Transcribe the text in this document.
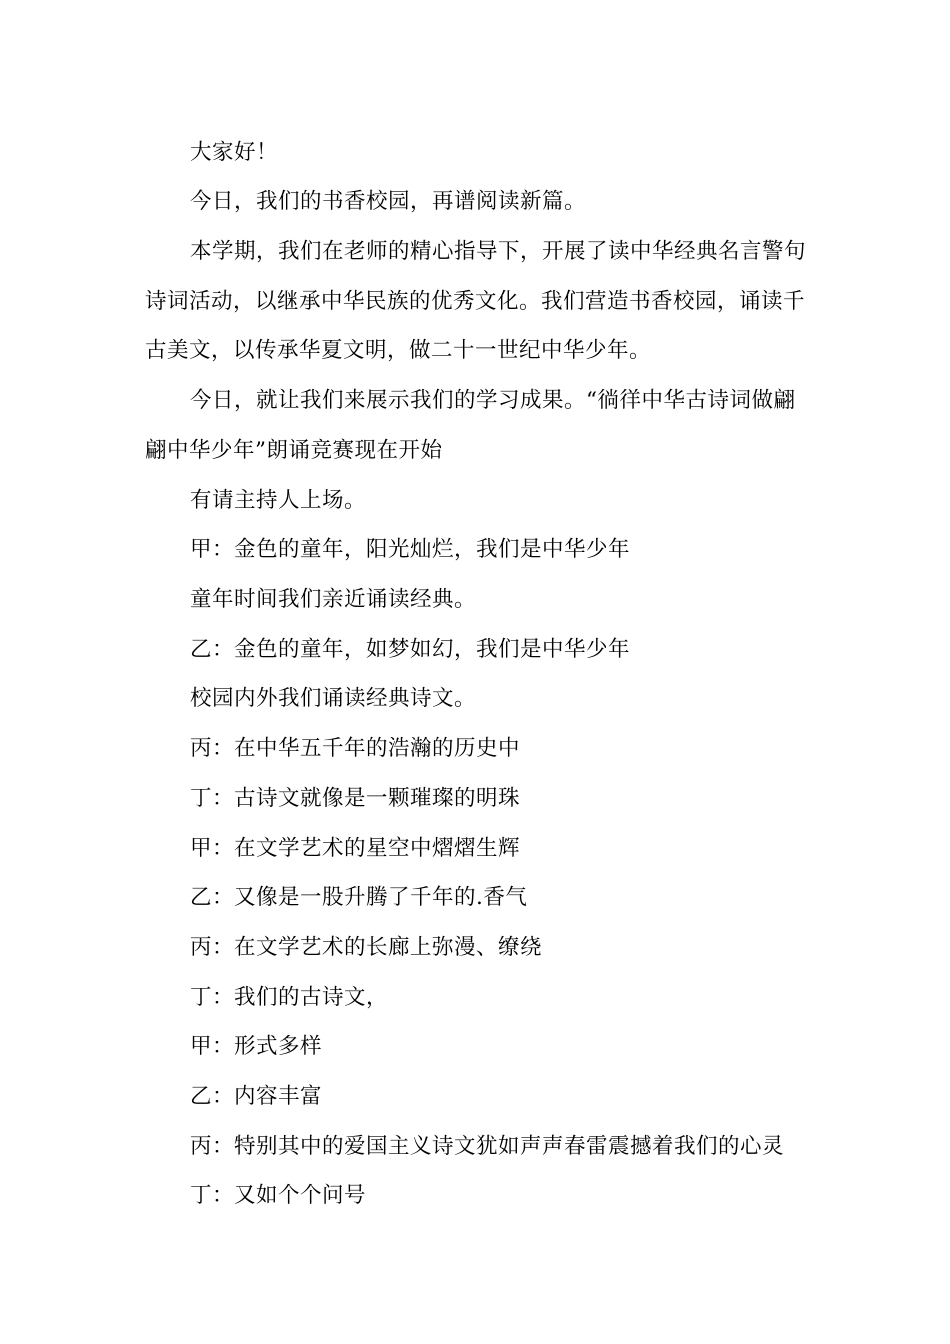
大家好！

今日，我们的书香校园，再谱阅读新篇。

本学期，我们在老师的精心指导下，开展了读中华经典名言警句诗词活动，以继承中华民族的优秀文化。我们营造书香校园，诵读千古美文，以传承华夏文明，做二十一世纪中华少年。

今日，就让我们来展示我们的学习成果。“徜徉中华古诗词做翩翩中华少年”朗诵竞赛现在开始

有请主持人上场。

甲：金色的童年，阳光灿烂，我们是中华少年

童年时间我们亲近诵读经典。

乙：金色的童年，如梦如幻，我们是中华少年

校园内外我们诵读经典诗文。

丙：在中华五千年的浩瀚的历史中

丁：古诗文就像是一颗璀璨的明珠

甲：在文学艺术的星空中熠熠生辉

乙：又像是一股升腾了千年的.香气

丙：在文学艺术的长廊上弥漫、缭绕

丁：我们的古诗文，

甲：形式多样

乙：内容丰富

丙：特别其中的爱国主义诗文犹如声声春雷震撼着我们的心灵

丁：又如个个问号
